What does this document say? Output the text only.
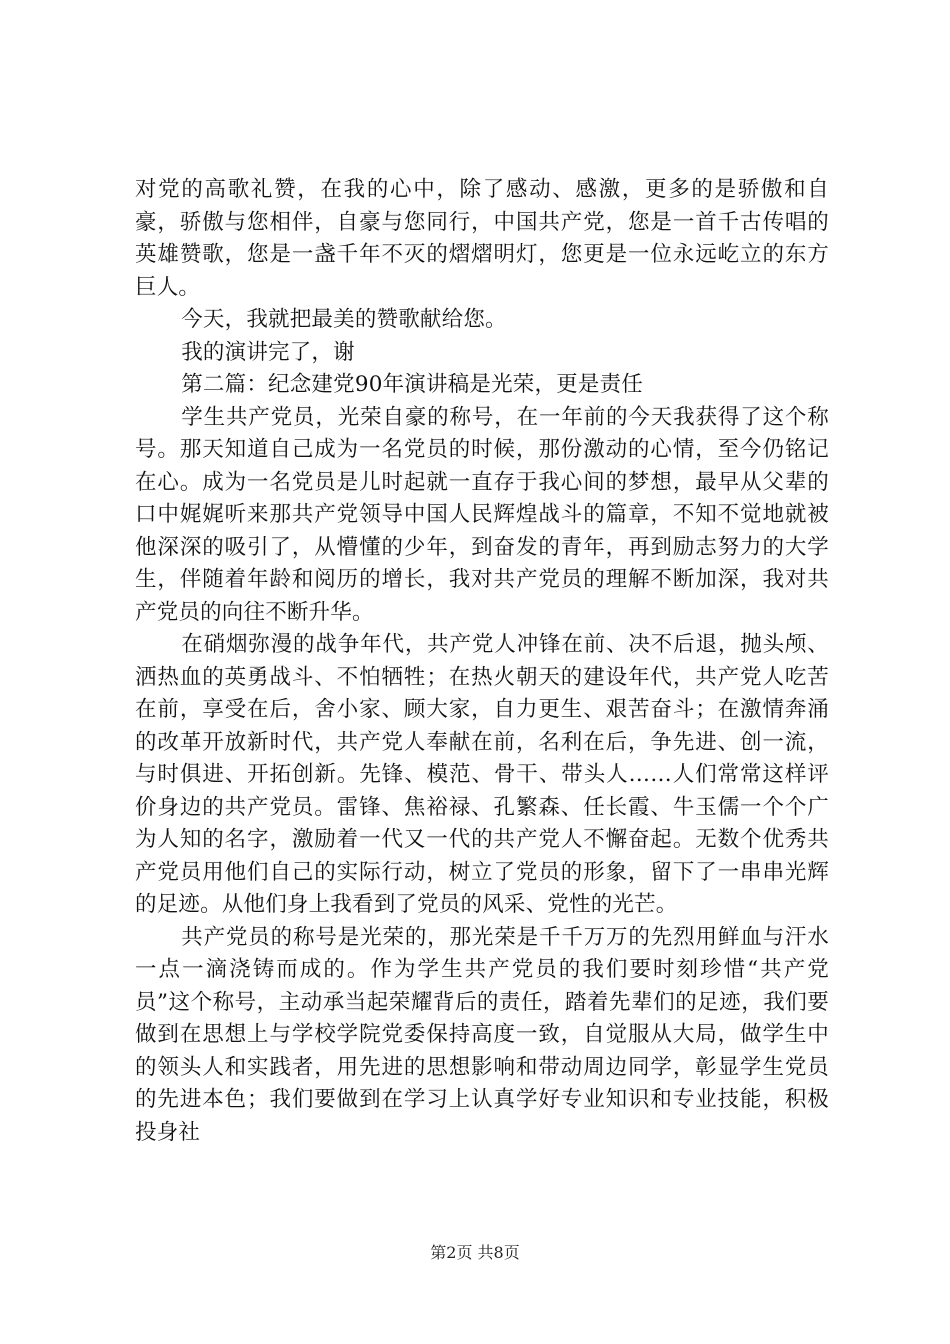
对党的高歌礼赞，在我的心中，除了感动、感激，更多的是骄傲和自豪，骄傲与您相伴，自豪与您同行，中国共产党，您是一首千古传唱的英雄赞歌，您是一盏千年不灭的熠熠明灯，您更是一位永远屹立的东方巨人。

今天，我就把最美的赞歌献给您。

我的演讲完了，谢

第二篇：纪念建党90年演讲稿是光荣，更是责任

学生共产党员，光荣自豪的称号，在一年前的今天我获得了这个称号。那天知道自己成为一名党员的时候，那份激动的心情，至今仍铭记在心。成为一名党员是儿时起就一直存于我心间的梦想，最早从父辈的口中娓娓听来那共产党领导中国人民辉煌战斗的篇章，不知不觉地就被他深深的吸引了，从懵懂的少年，到奋发的青年，再到励志努力的大学生，伴随着年龄和阅历的增长，我对共产党员的理解不断加深，我对共产党员的向往不断升华。

在硝烟弥漫的战争年代，共产党人冲锋在前、决不后退，抛头颅、洒热血的英勇战斗、不怕牺牲；在热火朝天的建设年代，共产党人吃苦在前，享受在后，舍小家、顾大家，自力更生、艰苦奋斗；在激情奔涌的改革开放新时代，共产党人奉献在前，名利在后，争先进、创一流，与时俱进、开拓创新。先锋、模范、骨干、带头人……人们常常这样评价身边的共产党员。雷锋、焦裕禄、孔繁森、任长霞、牛玉儒一个个广为人知的名字，激励着一代又一代的共产党人不懈奋起。无数个优秀共产党员用他们自己的实际行动，树立了党员的形象，留下了一串串光辉的足迹。从他们身上我看到了党员的风采、党性的光芒。

共产党员的称号是光荣的，那光荣是千千万万的先烈用鲜血与汗水一点一滴浇铸而成的。作为学生共产党员的我们要时刻珍惜“共产党员”这个称号，主动承当起荣耀背后的责任，踏着先辈们的足迹，我们要做到在思想上与学校学院党委保持高度一致，自觉服从大局，做学生中的领头人和实践者，用先进的思想影响和带动周边同学，彰显学生党员的先进本色；我们要做到在学习上认真学好专业知识和专业技能，积极投身社

第2页 共8页
